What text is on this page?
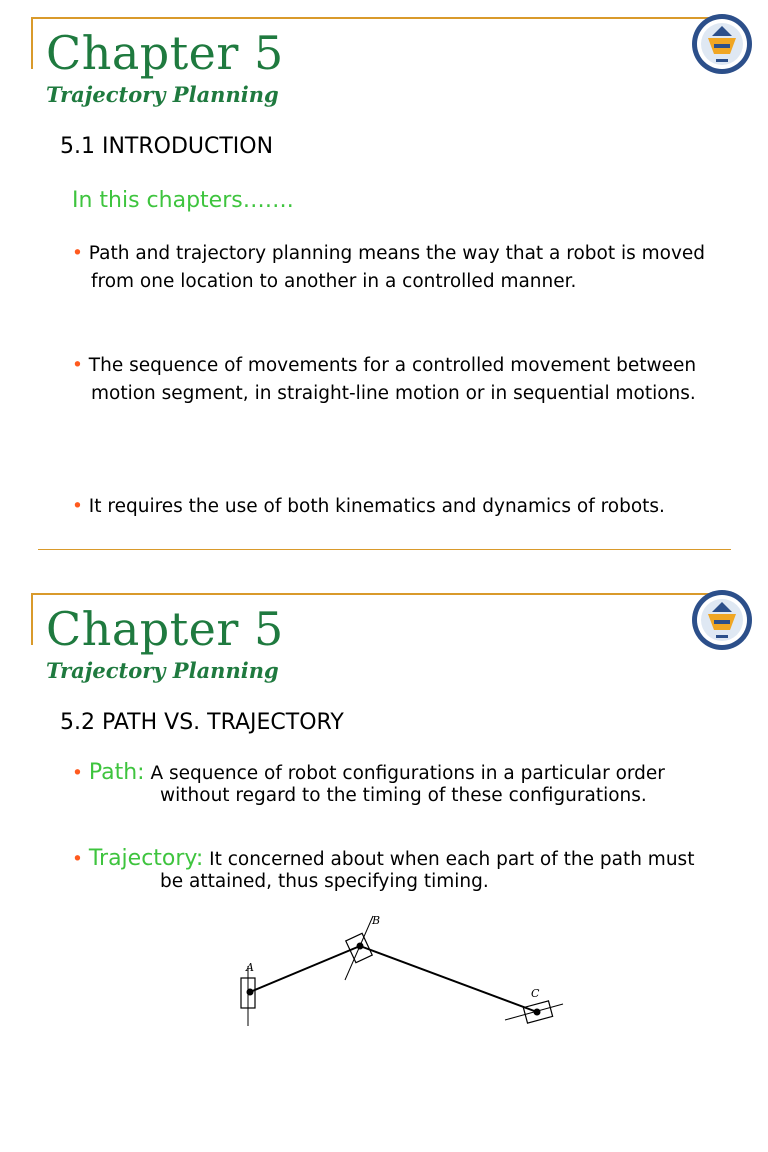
Chapter 5
Trajectory Planning
5.1 INTRODUCTION
In this chapters…….
• Path and trajectory planning means the way that a robot is moved
from one location to another in a controlled manner.
• The sequence of movements for a controlled movement between
motion segment, in straight-line motion or in sequential motions.
• It requires the use of both kinematics and dynamics of robots.
Chapter 5
Trajectory Planning
5.2 PATH VS. TRAJECTORY
• Path: A sequence of robot configurations in a particular order
without regard to the timing of these configurations.
• Trajectory: It concerned about when each part of the path must
be attained, thus specifying timing.
A
B
C
